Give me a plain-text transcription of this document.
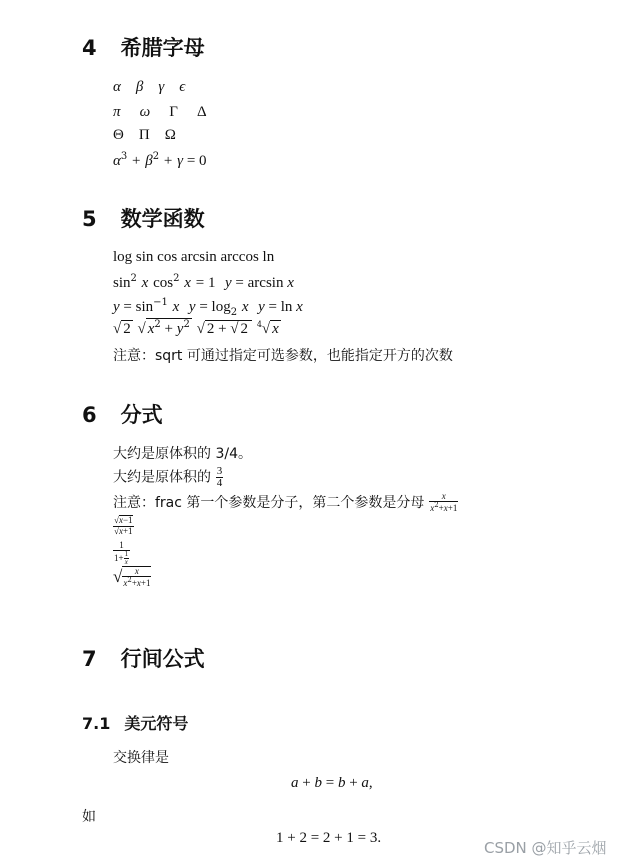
4 希腊字母
α β γ ϵ
π ω Γ Δ
Θ Π Ω
$\alpha^3 + \beta^2 + \gamma = 0$
5 数学函数
log sin cos arcsin arccos ln
$\sin^2 x$ $\cos^2 x = 1$ y = arcsin x
$y = \sin^{-1} x$ $y = \log_2 x$ y = ln x
√ 2 √ $x^2 + y^2$ √ 2 + √ 2 $^4$√ x
注意：sqrt 可通过指定可选参数，也能指定开方的次数
6 分式
大约是原体积的 3/4。
大约是原体积的 $\frac{3}{4}$
注意：frac 第一个参数是分子，第二个参数是分母 $\frac{x}{x^2+x+1}$
$\frac{√x-1}{√x+1}$
$\frac{1}{1+ \frac{1}{x}}$
√ $\frac{x}{x^2+x+1}$
7 行间公式
7.1 美元符号
交换律是
a + b = b + a,
如
1 + 2 = 2 + 1 = 3.
CSDN @知乎云烟
